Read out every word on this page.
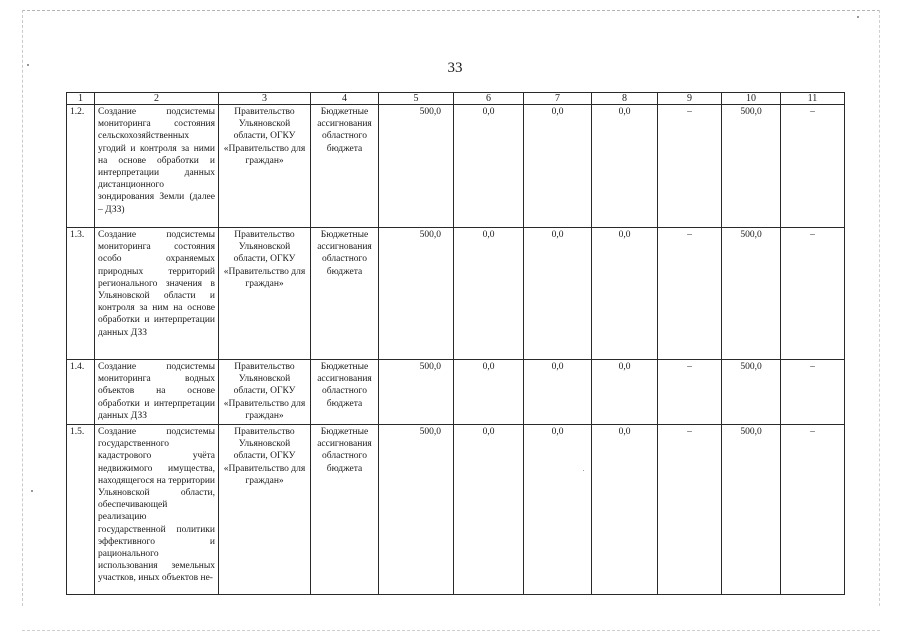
33
1	2	3	4	5	6	7	8	9	10	11
1.2.	Создание подсистемы мониторинга состояния сельскохозяйственных угодий и контроля за ними на основе обработки и интерпретации данных дистанционного зондирования Земли (далее – ДЗЗ)	Правительство Ульяновской области, ОГКУ «Правительство для граждан»	Бюджетные ассигнования областного бюджета	500,0	0,0	0,0	0,0	–	500,0	–
1.3.	Создание подсистемы мониторинга состояния особо охраняемых природных территорий регионального значения в Ульяновской области и контроля за ним на основе обработки и интерпретации данных ДЗЗ	Правительство Ульяновской области, ОГКУ «Правительство для граждан»	Бюджетные ассигнования областного бюджета	500,0	0,0	0,0	0,0	–	500,0	–
1.4.	Создание подсистемы мониторинга водных объектов на основе обработки и интерпретации данных ДЗЗ	Правительство Ульяновской области, ОГКУ «Правительство для граждан»	Бюджетные ассигнования областного бюджета	500,0	0,0	0,0	0,0	–	500,0	–
1.5.	Создание подсистемы государственного кадастрового учёта недвижимого имущества, находящегося на территории Ульяновской области, обеспечивающей реализацию государственной политики эффективного и рационального использования земельных участков, иных объектов не-	Правительство Ульяновской области, ОГКУ «Правительство для граждан»	Бюджетные ассигнования областного бюджета	500,0	0,0	0,0	0,0	–	500,0	–
